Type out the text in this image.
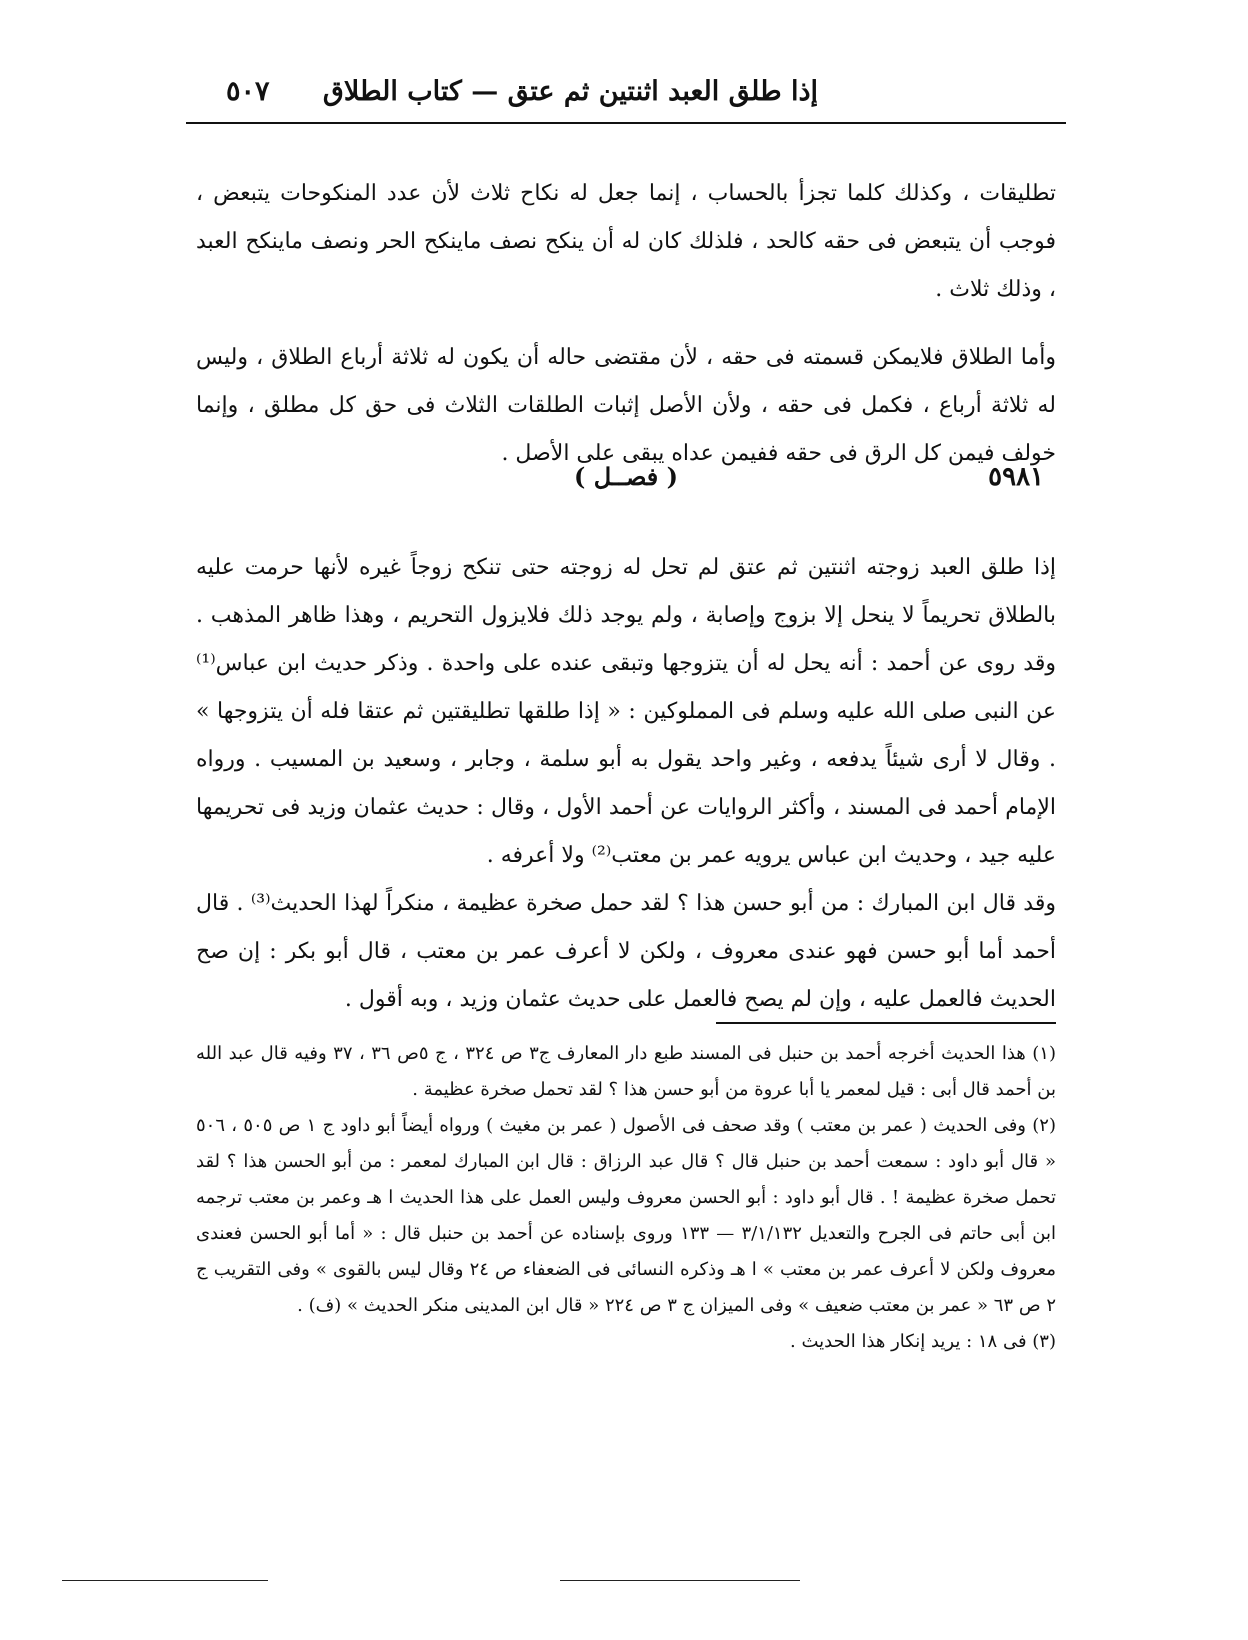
إذا طلق العبد اثنتين ثم عتق — كتاب الطلاق
٥٠٧

تطليقات ، وكذلك كلما تجزأ بالحساب ، إنما جعل له نكاح ثلاث لأن عدد المنكوحات يتبعض ، فوجب أن يتبعض فى حقه كالحد ، فلذلك كان له أن ينكح نصف ماينكح الحر ونصف ماينكح العبد ، وذلك ثلاث .

وأما الطلاق فلايمكن قسمته فى حقه ، لأن مقتضى حاله أن يكون له ثلاثة أرباع الطلاق ، وليس له ثلاثة أرباع ، فكمل فى حقه ، ولأن الأصل إثبات الطلقات الثلاث فى حق كل مطلق ، وإنما خولف فيمن كل الرق فى حقه ففيمن عداه يبقى على الأصل .

٥٩٨١
( فصــل )

إذا طلق العبد زوجته اثنتين ثم عتق لم تحل له زوجته حتى تنكح زوجاً غيره لأنها حرمت عليه بالطلاق تحريماً لا ينحل إلا بزوج وإصابة ، ولم يوجد ذلك فلايزول التحريم ، وهذا ظاهر المذهب . وقد روى عن أحمد : أنه يحل له أن يتزوجها وتبقى عنده على واحدة . وذكر حديث ابن عباس⁽¹⁾ عن النبى صلى الله عليه وسلم فى المملوكين : « إذا طلقها تطليقتين ثم عتقا فله أن يتزوجها » . وقال لا أرى شيئاً يدفعه ، وغير واحد يقول به أبو سلمة ، وجابر ، وسعيد بن المسيب . ورواه الإمام أحمد فى المسند ، وأكثر الروايات عن أحمد الأول ، وقال : حديث عثمان وزيد فى تحريمها عليه جيد ، وحديث ابن عباس يرويه عمر بن معتب⁽²⁾ ولا أعرفه .

وقد قال ابن المبارك : من أبو حسن هذا ؟ لقد حمل صخرة عظيمة ، منكراً لهذا الحديث⁽³⁾ . قال أحمد أما أبو حسن فهو عندى معروف ، ولكن لا أعرف عمر بن معتب ، قال أبو بكر : إن صح الحديث فالعمل عليه ، وإن لم يصح فالعمل على حديث عثمان وزيد ، وبه أقول .

(١) هذا الحديث أخرجه أحمد بن حنبل فى المسند طبع دار المعارف ج٣ ص ٣٢٤ ، ج ٥ص ٣٦ ، ٣٧ وفيه قال عبد الله بن أحمد قال أبى : قيل لمعمر يا أبا عروة من أبو حسن هذا ؟ لقد تحمل صخرة عظيمة .

(٢) وفى الحديث ( عمر بن معتب ) وقد صحف فى الأصول ( عمر بن مغيث ) ورواه أيضاً أبو داود ج ١ ص ٥٠٥ ، ٥٠٦ « قال أبو داود : سمعت أحمد بن حنبل قال ؟ قال عبد الرزاق : قال ابن المبارك لمعمر : من أبو الحسن هذا ؟ لقد تحمل صخرة عظيمة ! . قال أبو داود : أبو الحسن معروف وليس العمل على هذا الحديث ا هـ وعمر بن معتب ترجمه ابن أبى حاتم فى الجرح والتعديل ٣/١/١٣٢ — ١٣٣ وروى بإسناده عن أحمد بن حنبل قال : « أما أبو الحسن فعندى معروف ولكن لا أعرف عمر بن معتب » ا هـ وذكره النسائى فى الضعفاء ص ٢٤ وقال ليس بالقوى » وفى التقريب ج ٢ ص ٦٣ « عمر بن معتب ضعيف » وفى الميزان ج ٣ ص ٢٢٤ « قال ابن المدينى منكر الحديث » (ف) .

(٣) فى ١٨ : يريد إنكار هذا الحديث .
